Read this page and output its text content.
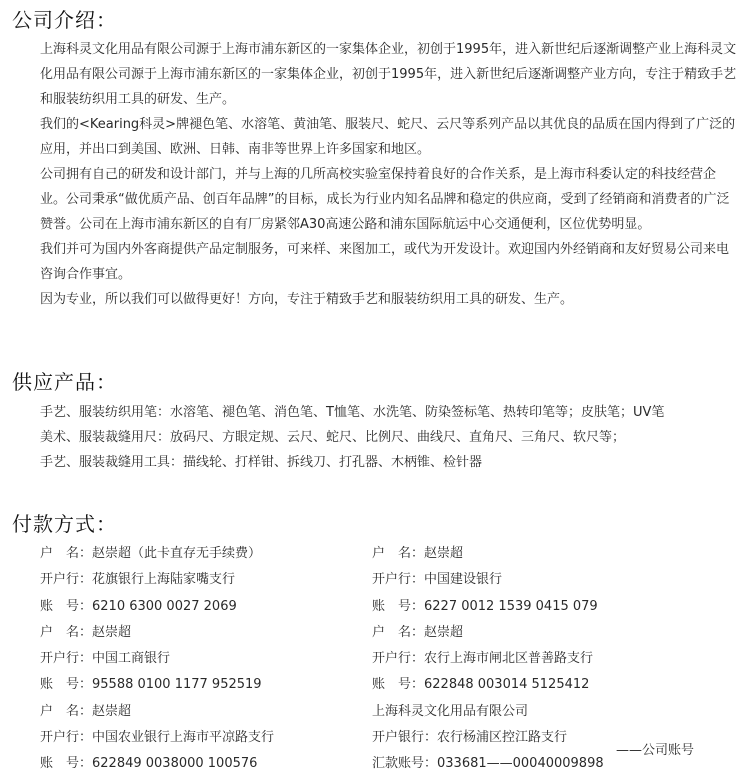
公司介绍：
上海科灵文化用品有限公司源于上海市浦东新区的一家集体企业，初创于1995年，进入新世纪后逐渐调整产业上海科灵文化用品有限公司源于上海市浦东新区的一家集体企业，初创于1995年，进入新世纪后逐渐调整产业方向，专注于精致手艺和服装纺织用工具的研发、生产。
我们的<Kearing科灵>牌褪色笔、水溶笔、黄油笔、服装尺、蛇尺、云尺等系列产品以其优良的品质在国内得到了广泛的应用，并出口到美国、欧洲、日韩、南非等世界上许多国家和地区。
公司拥有自己的研发和设计部门，并与上海的几所高校实验室保持着良好的合作关系，是上海市科委认定的科技经营企业。公司秉承“做优质产品、创百年品牌”的目标，成长为行业内知名品牌和稳定的供应商，受到了经销商和消费者的广泛赞誉。公司在上海市浦东新区的自有厂房紧邻A30高速公路和浦东国际航运中心交通便利，区位优势明显。
我们并可为国内外客商提供产品定制服务，可来样、来图加工，或代为开发设计。欢迎国内外经销商和友好贸易公司来电咨询合作事宜。
因为专业，所以我们可以做得更好！方向，专注于精致手艺和服装纺织用工具的研发、生产。
供应产品：
手艺、服装纺织用笔：水溶笔、褪色笔、消色笔、T恤笔、水洗笔、防染签标笔、热转印笔等；皮肤笔；UV笔
美术、服装裁缝用尺：放码尺、方眼定规、云尺、蛇尺、比例尺、曲线尺、直角尺、三角尺、软尺等；
手艺、服装裁缝用工具：描线轮、打样钳、拆线刀、打孔器、木柄锥、检针器
付款方式：
户　名：赵崇超（此卡直存无手续费）
开户行：花旗银行上海陆家嘴支行
账　号：6210 6300 0027 2069
户　名：赵崇超
开户行：中国工商银行
账　号：95588 0100 1177 952519
户　名：赵崇超
开户行：中国农业银行上海市平凉路支行
账　号：622849 0038000 100576
户　名：赵崇超
开户行：中国建设银行
账　号：6227 0012 1539 0415 079
户　名：赵崇超
开户行：农行上海市闸北区普善路支行
账　号：622848 003014 5125412
上海科灵文化用品有限公司
开户银行：农行杨浦区控江路支行
汇款账号：033681——00040009898
——公司账号
